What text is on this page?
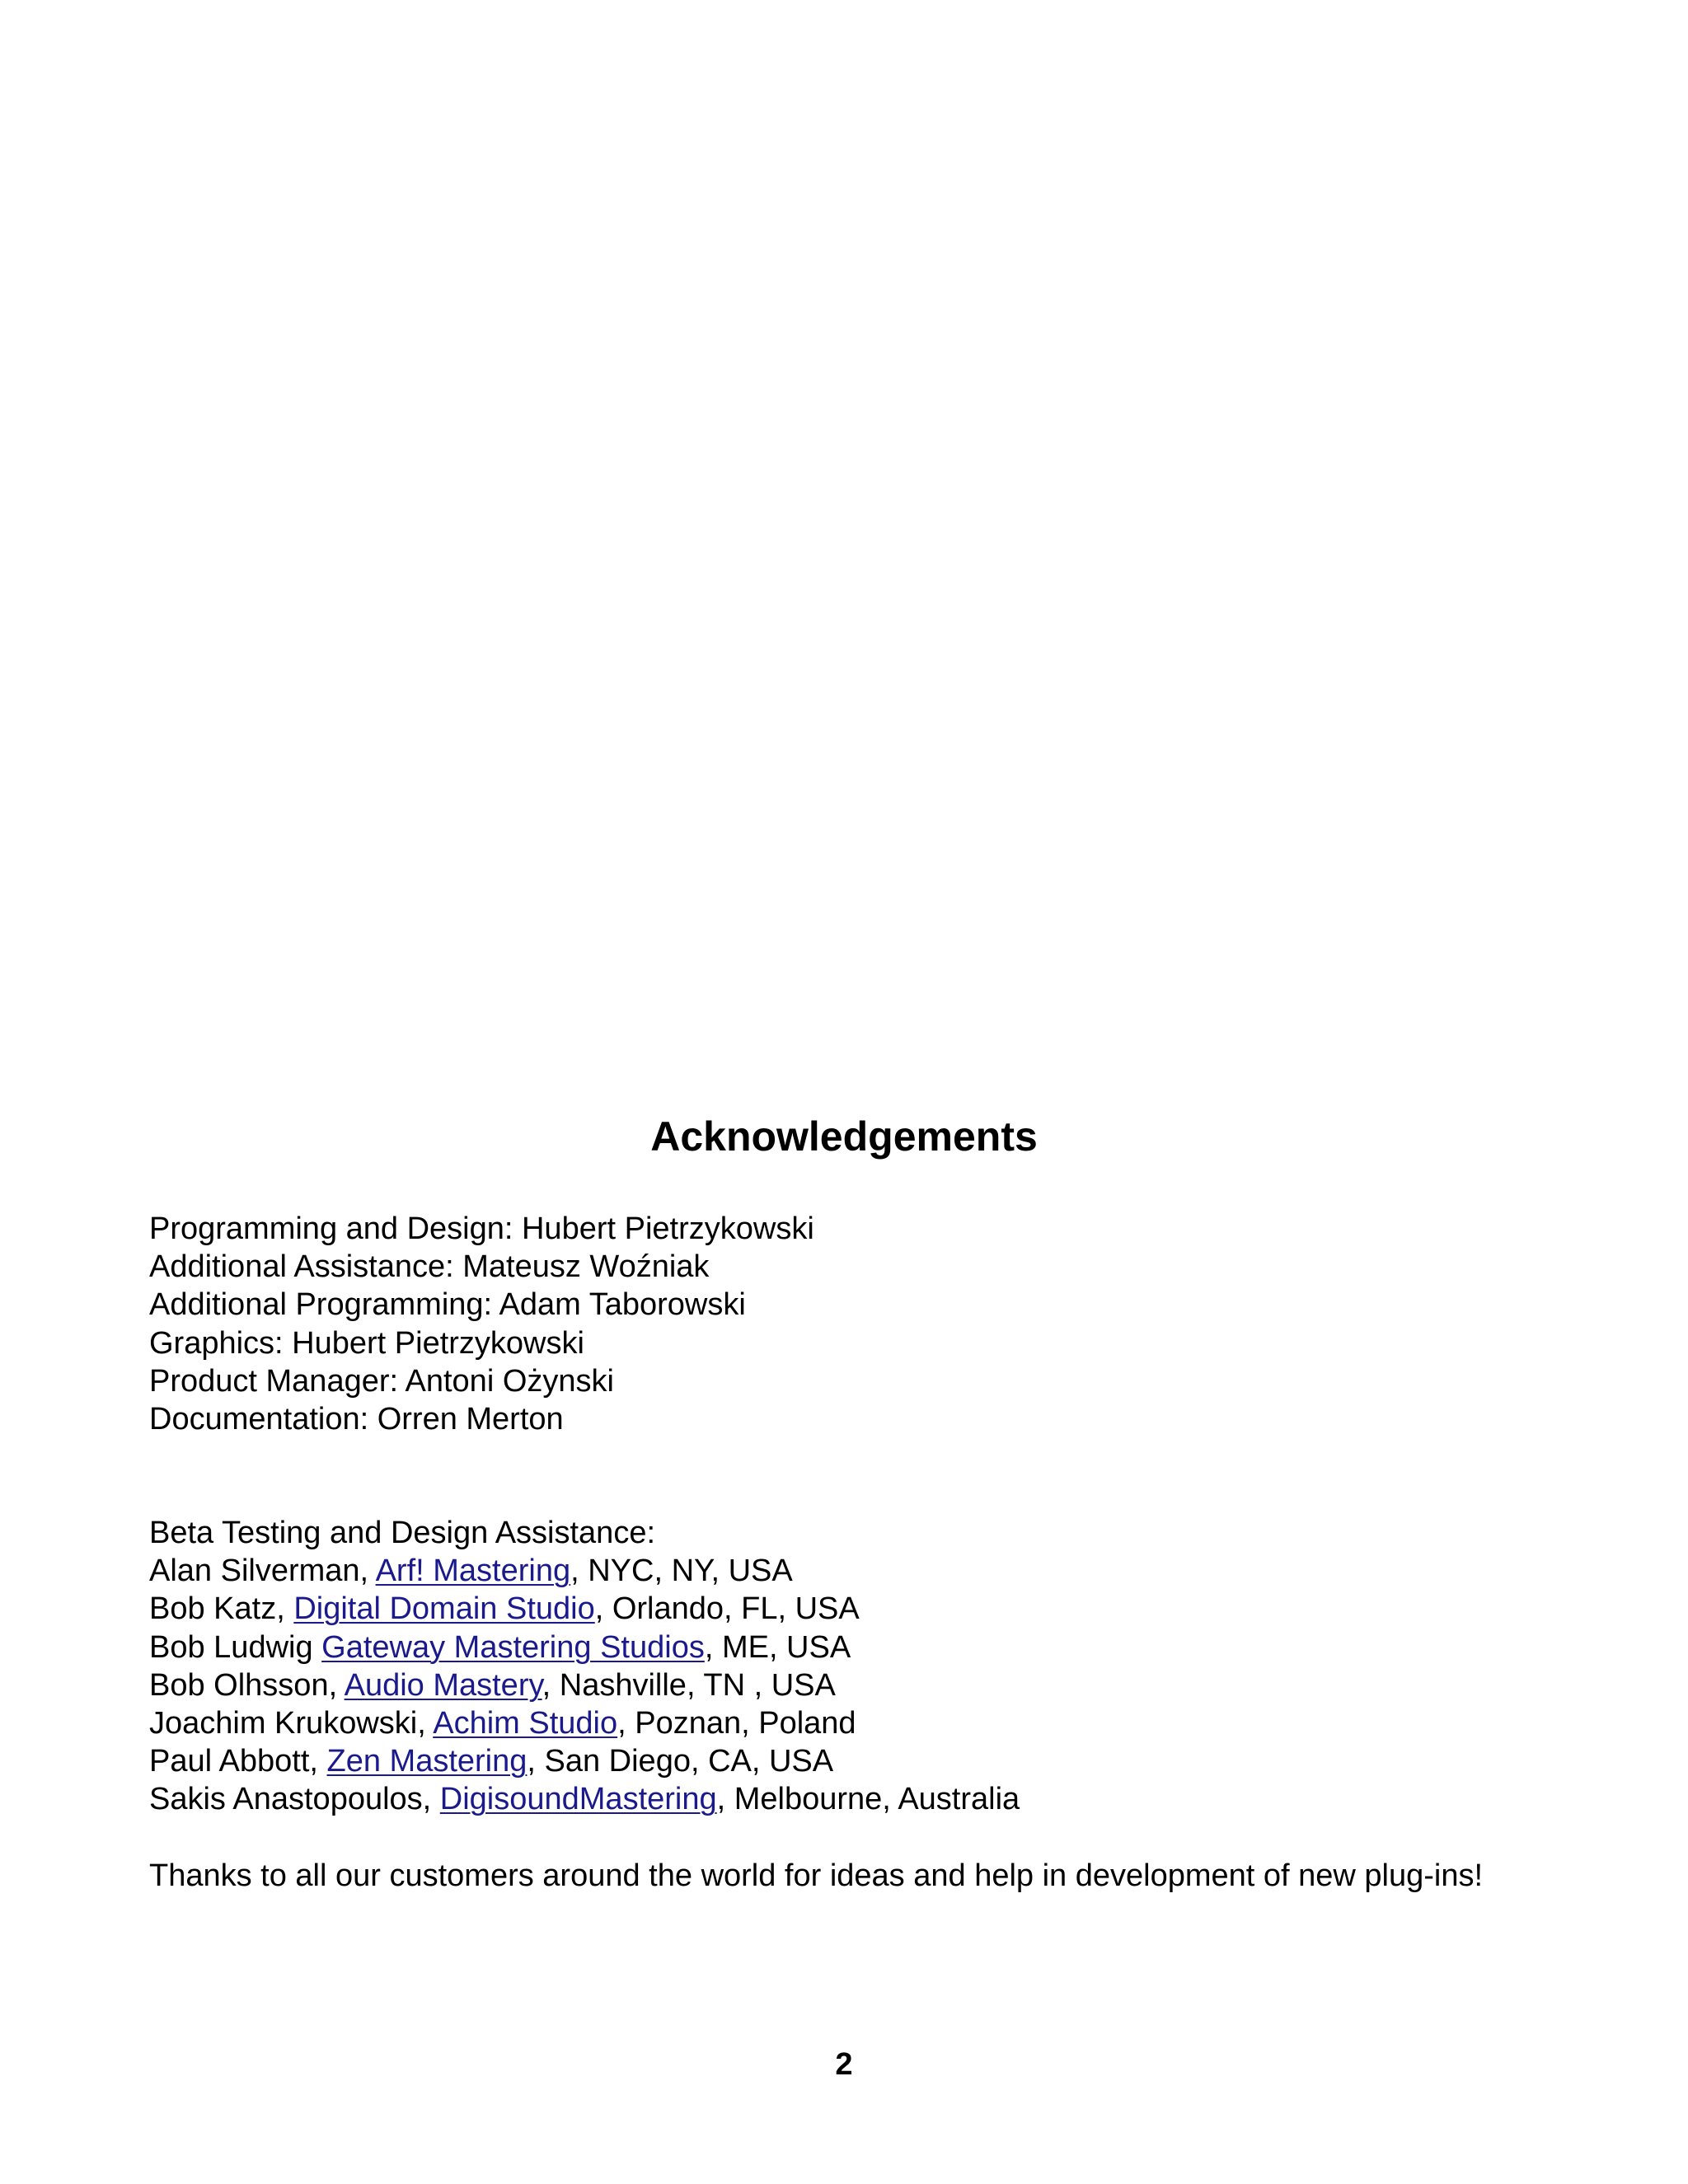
Acknowledgements
Programming and Design: Hubert Pietrzykowski
Additional Assistance: Mateusz Woźniak
Additional Programming: Adam Taborowski
Graphics: Hubert Pietrzykowski
Product Manager: Antoni Ożynski
Documentation: Orren Merton
Beta Testing and Design Assistance:
Alan Silverman, Arf! Mastering, NYC, NY, USA
Bob Katz, Digital Domain Studio, Orlando, FL, USA
Bob Ludwig Gateway Mastering Studios, ME, USA
Bob Olhsson, Audio Mastery, Nashville, TN , USA
Joachim Krukowski, Achim Studio, Poznan, Poland
Paul Abbott, Zen Mastering, San Diego, CA, USA
Sakis Anastopoulos, DigisoundMastering, Melbourne, Australia
Thanks to all our customers around the world for ideas and help in development of new plug-ins!
2
